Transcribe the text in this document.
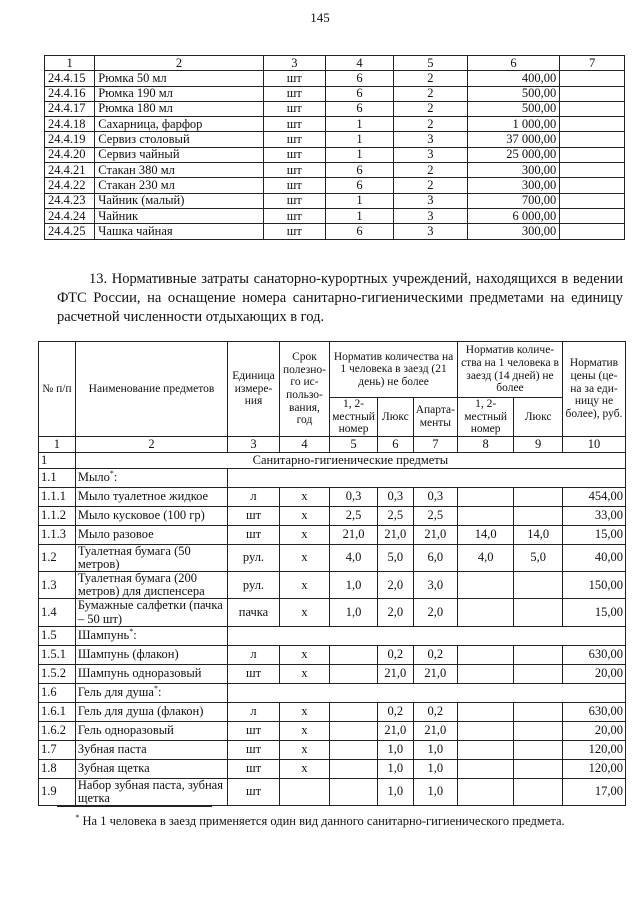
145
1	2	3	4	5	6	7
24.4.15	Рюмка 50 мл	шт	6	2	400,00	
24.4.16	Рюмка 190 мл	шт	6	2	500,00	
24.4.17	Рюмка 180 мл	шт	6	2	500,00	
24.4.18	Сахарница, фарфор	шт	1	2	1 000,00	
24.4.19	Сервиз столовый	шт	1	3	37 000,00	
24.4.20	Сервиз чайный	шт	1	3	25 000,00	
24.4.21	Стакан 380 мл	шт	6	2	300,00	
24.4.22	Стакан 230 мл	шт	6	2	300,00	
24.4.23	Чайник (малый)	шт	1	3	700,00	
24.4.24	Чайник	шт	1	3	6 000,00	
24.4.25	Чашка чайная	шт	6	3	300,00	

13. Нормативные затраты санаторно-курортных учреждений, находящихся в ведении ФТС России, на оснащение номера санитарно-гигиеническими предметами на единицу расчетной численности отдыхающих в год.

№ п/п	Наименование предметов	Единица измере-ния	Срок полезно-го ис-пользо-вания, год	Норматив количества на 1 человека в заезд (21 день) не более			Норматив количе-ства на 1 человека в заезд (14 дней) не более		Норматив цены (це-на за еди-ницу не более), руб.
				1, 2-местный номер	Люкс	Апарта-менты	1, 2-местный номер	Люкс	
1	2	3	4	5	6	7	8	9	10
1	Санитарно-гигиенические предметы								
1.1	Мыло*:								
1.1.1	Мыло туалетное жидкое	л	х	0,3	0,3	0,3			454,00
1.1.2	Мыло кусковое (100 гр)	шт	х	2,5	2,5	2,5			33,00
1.1.3	Мыло разовое	шт	х	21,0	21,0	21,0	14,0	14,0	15,00
1.2	Туалетная бумага (50 метров)	рул.	х	4,0	5,0	6,0	4,0	5,0	40,00
1.3	Туалетная бумага (200 метров) для диспенсера	рул.	х	1,0	2,0	3,0			150,00
1.4	Бумажные салфетки (пачка – 50 шт)	пачка	х	1,0	2,0	2,0			15,00
1.5	Шампунь*:								
1.5.1	Шампунь (флакон)	л	х		0,2	0,2			630,00
1.5.2	Шампунь одноразовый	шт	х		21,0	21,0			20,00
1.6	Гель для душа*:								
1.6.1	Гель для душа (флакон)	л	х		0,2	0,2			630,00
1.6.2	Гель одноразовый	шт	х		21,0	21,0			20,00
1.7	Зубная паста	шт	х		1,0	1,0			120,00
1.8	Зубная щетка	шт	х		1,0	1,0			120,00
1.9	Набор зубная паста, зубная щетка	шт			1,0	1,0			17,00
* На 1 человека в заезд применяется один вид данного санитарно-гигиенического предмета.
